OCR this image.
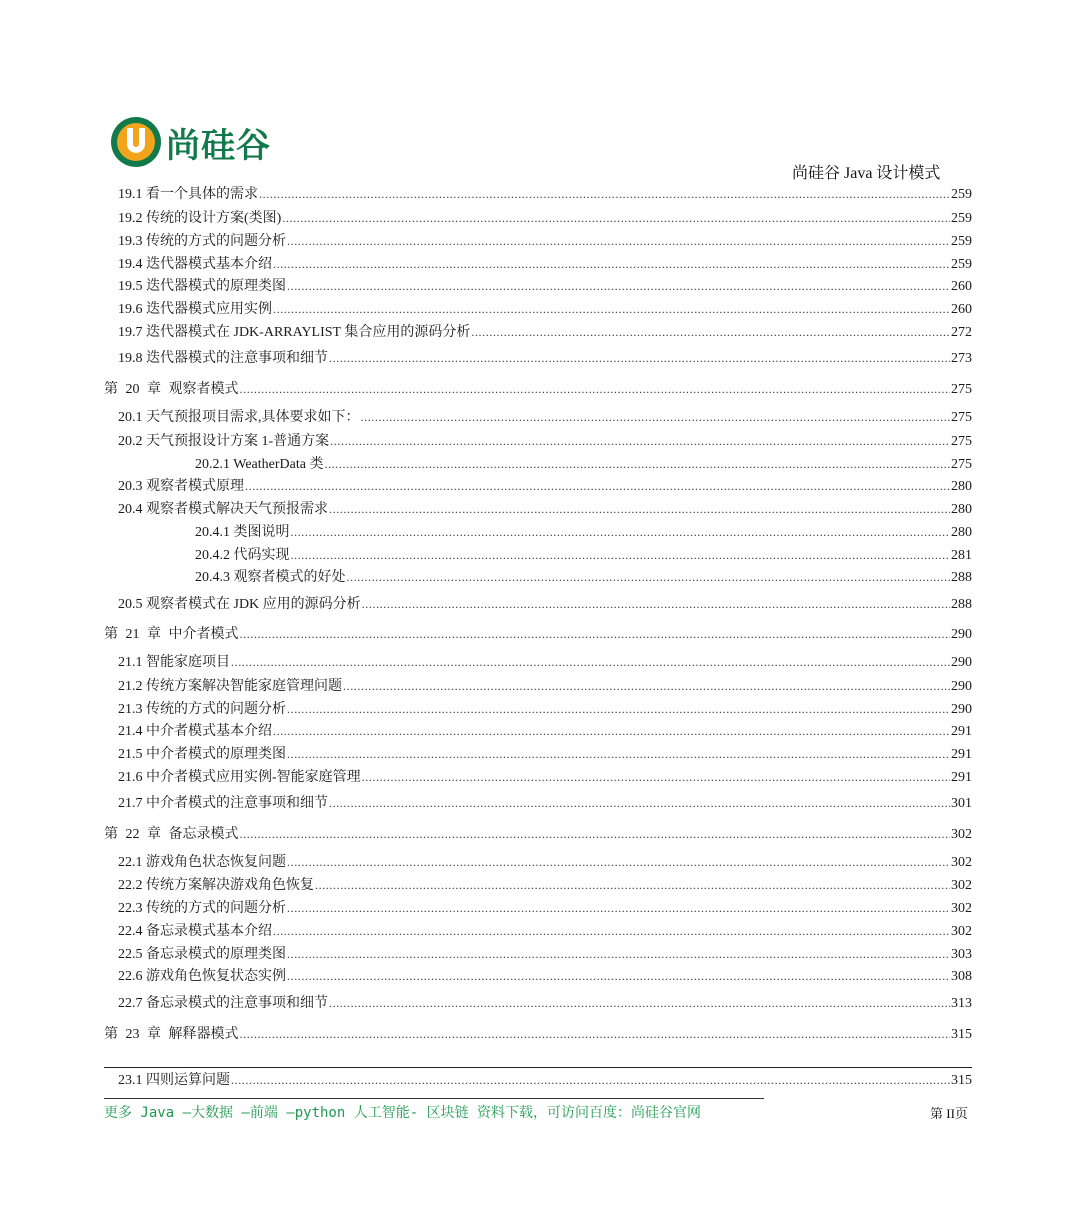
尚硅谷
尚硅谷 Java 设计模式
19.1 看一个具体的需求 .....	259
19.2 传统的设计方案(类图) .....	259
19.3 传统的方式的问题分析 .....	259
19.4 迭代器模式基本介绍 .....	259
19.5 迭代器模式的原理类图 .....	260
19.6 迭代器模式应用实例 .....	260
19.7 迭代器模式在 JDK-ARRAYLIST 集合应用的源码分析 .....	272
19.8 迭代器模式的注意事项和细节 .....	273
第 20 章 观察者模式 .....	275
20.1 天气预报项目需求,具体要求如下： .....	275
20.2 天气预报设计方案 1-普通方案 .....	275
20.2.1 WeatherData 类 .....	275
20.3 观察者模式原理 .....	280
20.4 观察者模式解决天气预报需求 .....	280
20.4.1 类图说明 .....	280
20.4.2 代码实现 .....	281
20.4.3 观察者模式的好处 .....	288
20.5 观察者模式在 JDK 应用的源码分析 .....	288
第 21 章 中介者模式 .....	290
21.1 智能家庭项目 .....	290
21.2 传统方案解决智能家庭管理问题 .....	290
21.3 传统的方式的问题分析 .....	290
21.4 中介者模式基本介绍 .....	291
21.5 中介者模式的原理类图 .....	291
21.6 中介者模式应用实例-智能家庭管理 .....	291
21.7 中介者模式的注意事项和细节 .....	301
第 22 章 备忘录模式 .....	302
22.1 游戏角色状态恢复问题 .....	302
22.2 传统方案解决游戏角色恢复 .....	302
22.3 传统的方式的问题分析 .....	302
22.4 备忘录模式基本介绍 .....	302
22.5 备忘录模式的原理类图 .....	303
22.6 游戏角色恢复状态实例 .....	308
22.7 备忘录模式的注意事项和细节 .....	313
第 23 章 解释器模式 .....	315
23.1 四则运算问题 .....	315
更多 Java –大数据 –前端 –python 人工智能- 区块链 资料下载，可访问百度：尚硅谷官网	第 II页
